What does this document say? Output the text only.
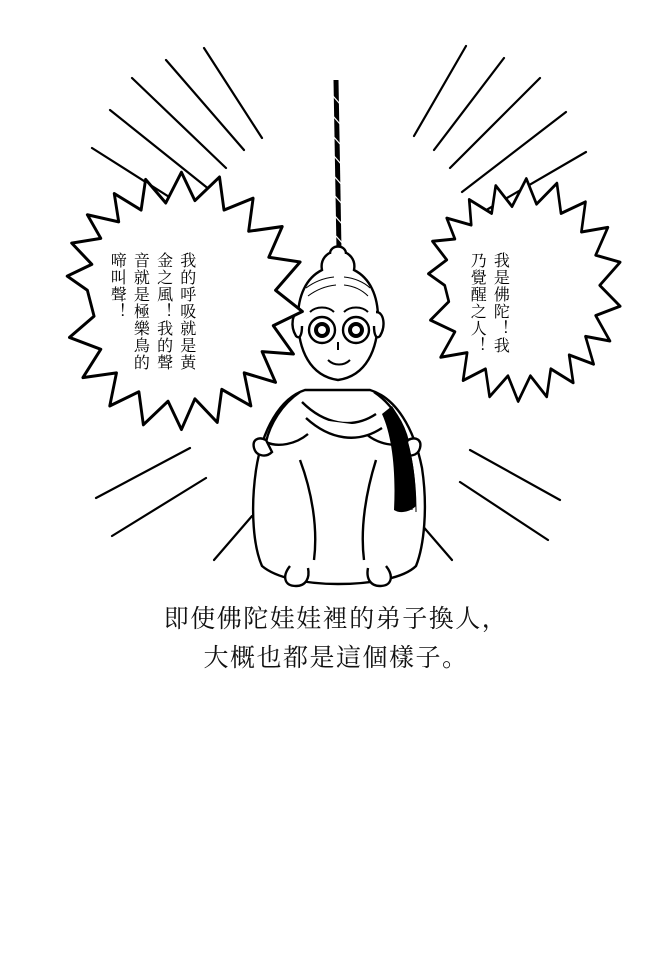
我的呼吸就是黃
金之風！我的聲
音就是極樂鳥的
啼叫聲！	我是佛陀！我
乃覺醒之人！
即使佛陀娃娃裡的弟子換人，
大概也都是這個樣子。
